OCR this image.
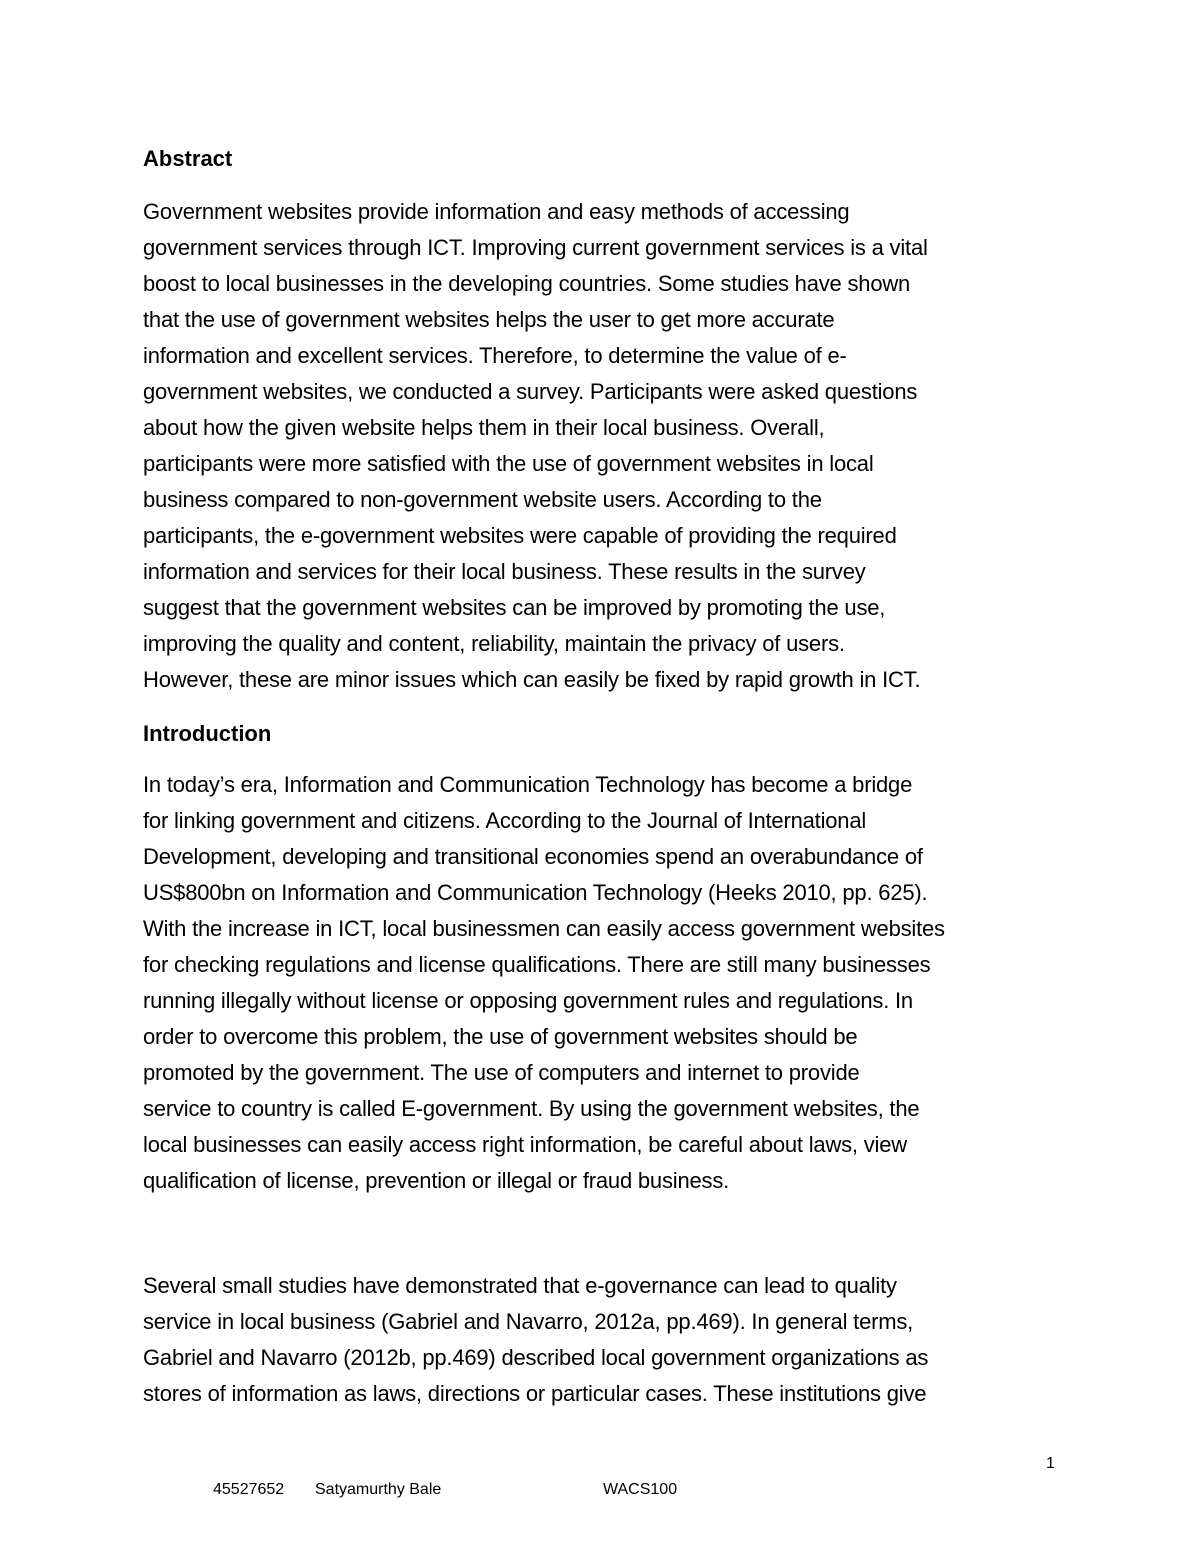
Abstract
Government websites provide information and easy methods of accessing
government services through ICT. Improving current government services is a vital
boost to local businesses in the developing countries. Some studies have shown
that the use of government websites helps the user to get more accurate
information and excellent services. Therefore, to determine the value of e-
government websites, we conducted a survey. Participants were asked questions
about how the given website helps them in their local business. Overall,
participants were more satisfied with the use of government websites in local
business compared to non-government website users. According to the
participants, the e-government websites were capable of providing the required
information and services for their local business. These results in the survey
suggest that the government websites can be improved by promoting the use,
improving the quality and content, reliability, maintain the privacy of users.
However, these are minor issues which can easily be fixed by rapid growth in ICT.
Introduction
In today’s era, Information and Communication Technology has become a bridge
for linking government and citizens. According to the Journal of International
Development, developing and transitional economies spend an overabundance of
US$800bn on Information and Communication Technology (Heeks 2010, pp. 625).
With the increase in ICT, local businessmen can easily access government websites
for checking regulations and license qualifications. There are still many businesses
running illegally without license or opposing government rules and regulations. In
order to overcome this problem, the use of government websites should be
promoted by the government. The use of computers and internet to provide
service to country is called E-government. By using the government websites, the
local businesses can easily access right information, be careful about laws, view
qualification of license, prevention or illegal or fraud business.
Several small studies have demonstrated that e-governance can lead to quality
service in local business (Gabriel and Navarro, 2012a, pp.469). In general terms,
Gabriel and Navarro (2012b, pp.469) described local government organizations as
stores of information as laws, directions or particular cases. These institutions give
1
45527652 Satyamurthy Bale	WACS100
